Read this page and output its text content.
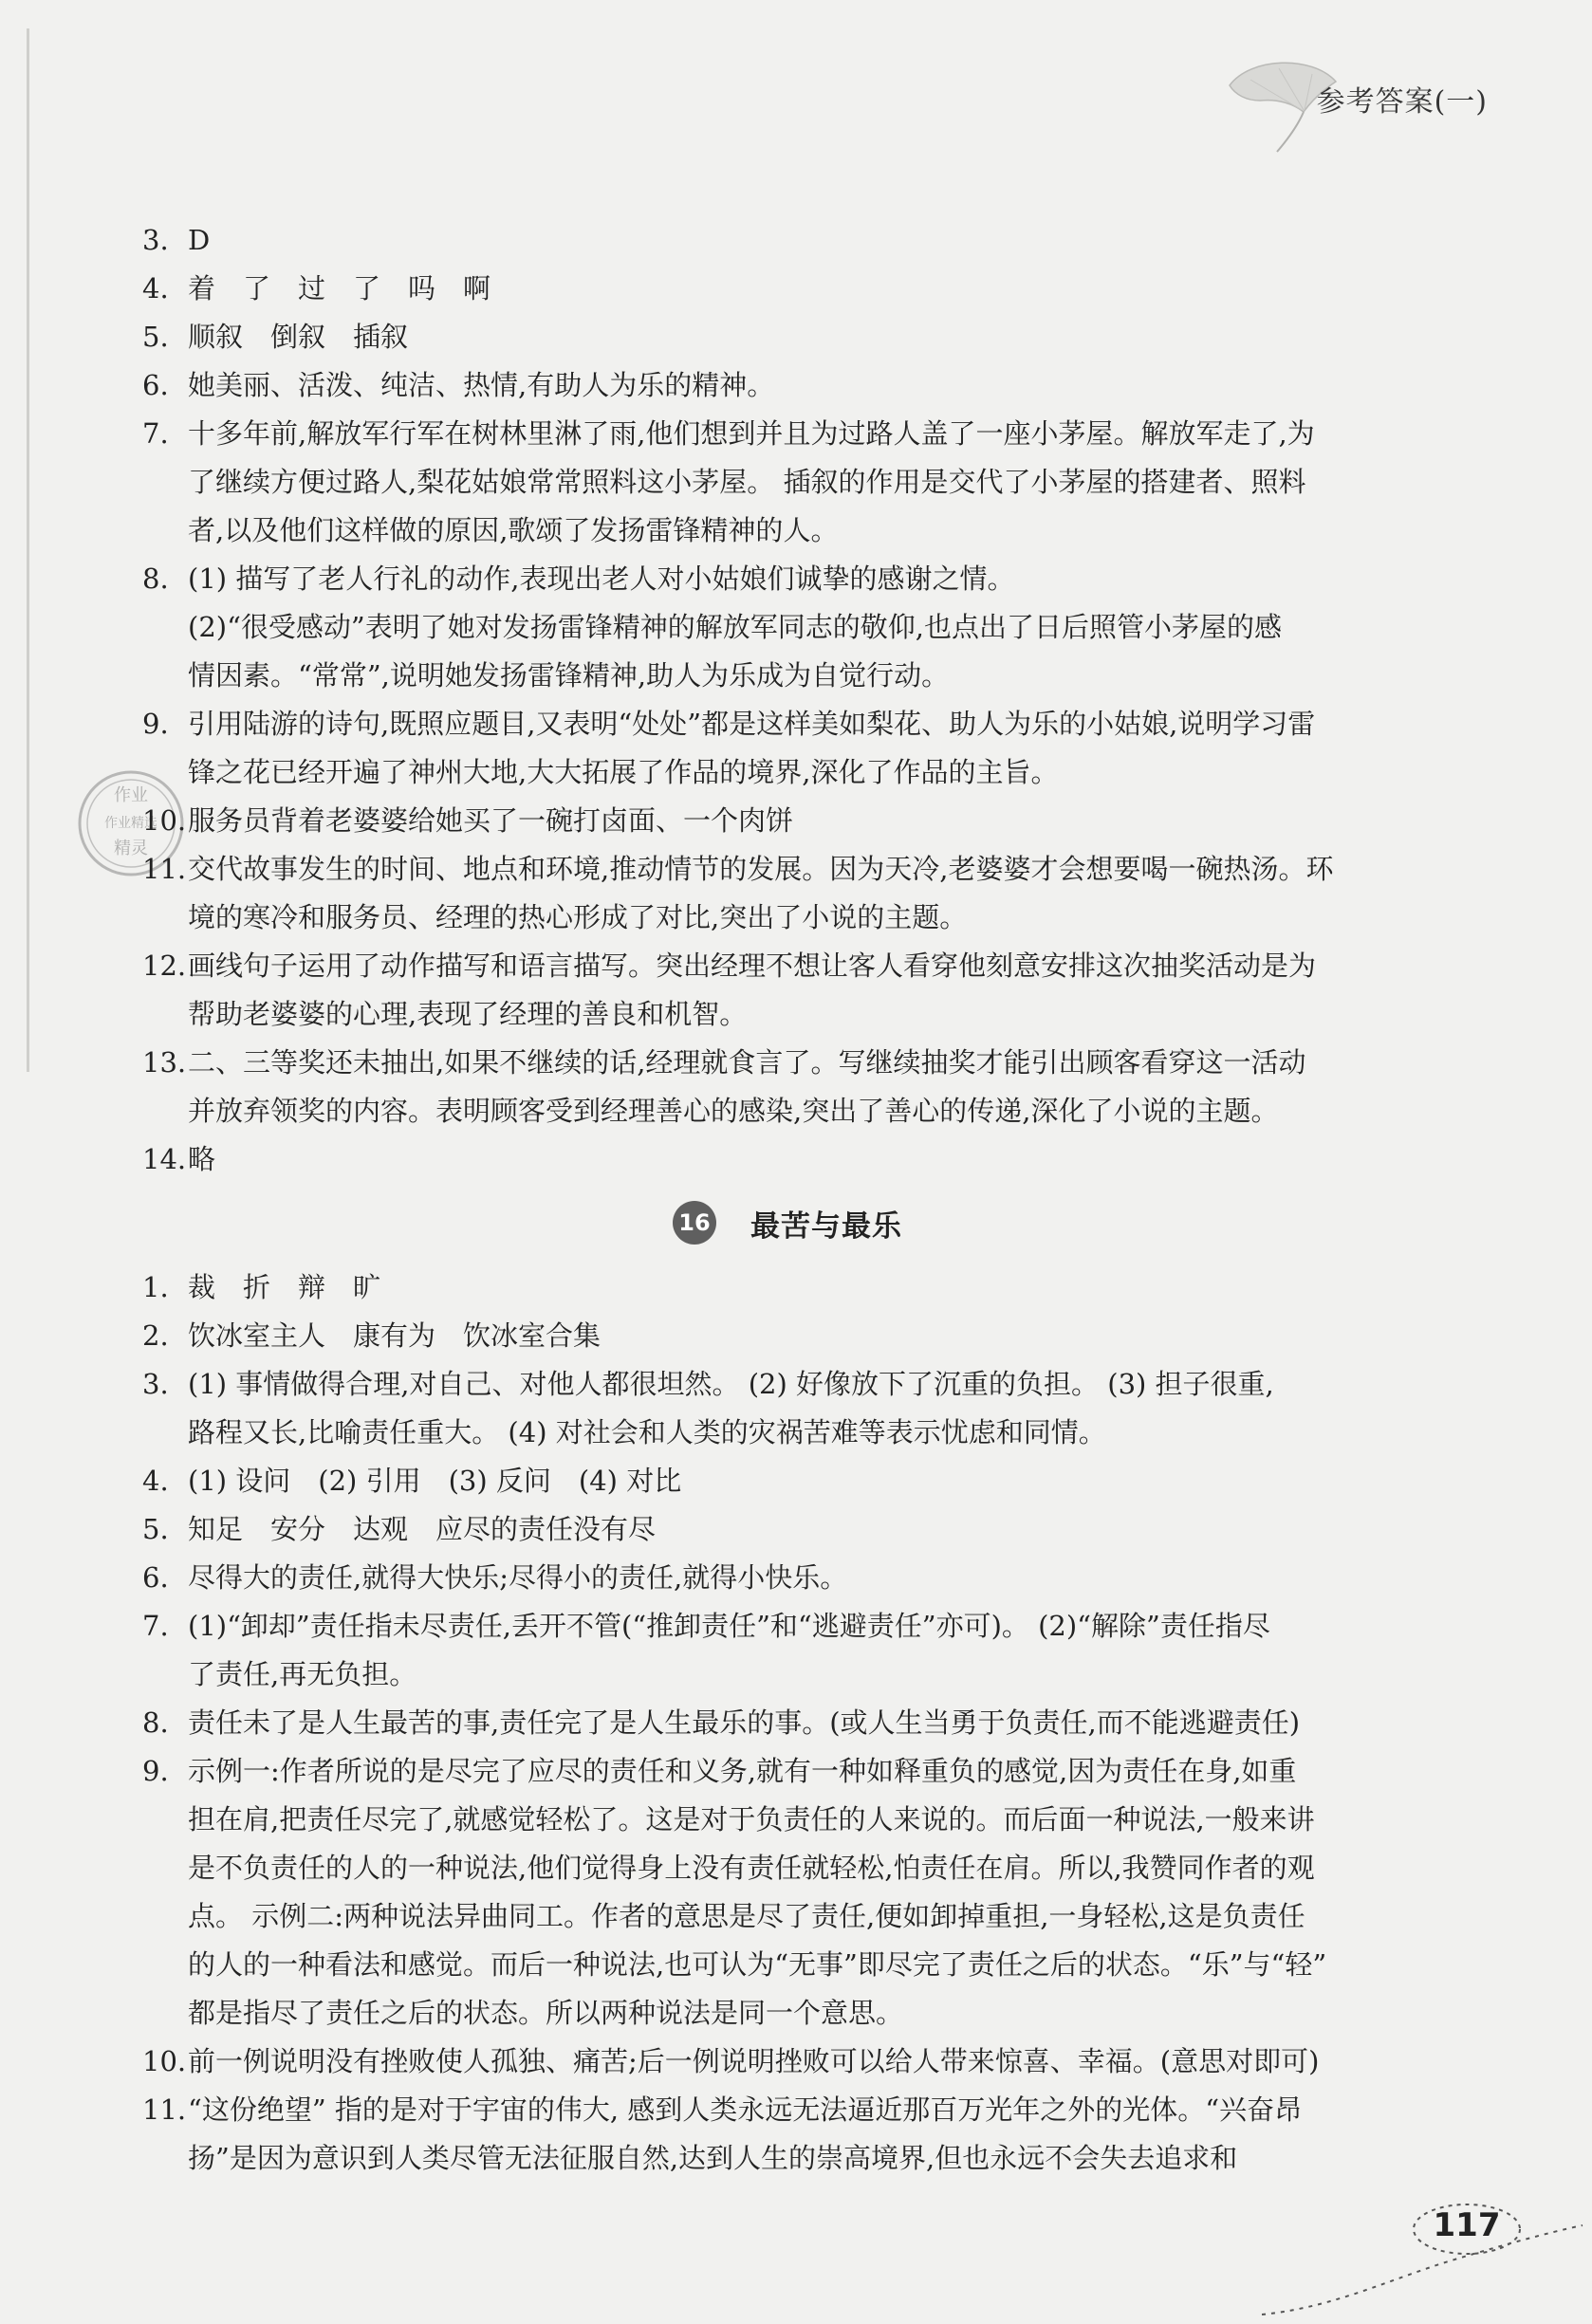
参考答案(一)
作业
作业精选
精灵
3. D
4. 着　了　过　了　吗　啊
5. 顺叙　倒叙　插叙
6. 她美丽、活泼、纯洁、热情,有助人为乐的精神。
7. 十多年前,解放军行军在树林里淋了雨,他们想到并且为过路人盖了一座小茅屋。解放军走了,为
了继续方便过路人,梨花姑娘常常照料这小茅屋。 插叙的作用是交代了小茅屋的搭建者、照料
者,以及他们这样做的原因,歌颂了发扬雷锋精神的人。
8. (1) 描写了老人行礼的动作,表现出老人对小姑娘们诚挚的感谢之情。
(2)“很受感动”表明了她对发扬雷锋精神的解放军同志的敬仰,也点出了日后照管小茅屋的感
情因素。“常常”,说明她发扬雷锋精神,助人为乐成为自觉行动。
9. 引用陆游的诗句,既照应题目,又表明“处处”都是这样美如梨花、助人为乐的小姑娘,说明学习雷
锋之花已经开遍了神州大地,大大拓展了作品的境界,深化了作品的主旨。
10. 服务员背着老婆婆给她买了一碗打卤面、一个肉饼
11. 交代故事发生的时间、地点和环境,推动情节的发展。因为天冷,老婆婆才会想要喝一碗热汤。环
境的寒冷和服务员、经理的热心形成了对比,突出了小说的主题。
12. 画线句子运用了动作描写和语言描写。突出经理不想让客人看穿他刻意安排这次抽奖活动是为
帮助老婆婆的心理,表现了经理的善良和机智。
13. 二、三等奖还未抽出,如果不继续的话,经理就食言了。写继续抽奖才能引出顾客看穿这一活动
并放弃领奖的内容。表明顾客受到经理善心的感染,突出了善心的传递,深化了小说的主题。
14. 略
16 最苦与最乐
1. 裁　折　辩　旷
2. 饮冰室主人　康有为　饮冰室合集
3. (1) 事情做得合理,对自己、对他人都很坦然。 (2) 好像放下了沉重的负担。 (3) 担子很重,
路程又长,比喻责任重大。 (4) 对社会和人类的灾祸苦难等表示忧虑和同情。
4. (1) 设问　(2) 引用　(3) 反问　(4) 对比
5. 知足　安分　达观　应尽的责任没有尽
6. 尽得大的责任,就得大快乐;尽得小的责任,就得小快乐。
7. (1)“卸却”责任指未尽责任,丢开不管(“推卸责任”和“逃避责任”亦可)。 (2)“解除”责任指尽
了责任,再无负担。
8. 责任未了是人生最苦的事,责任完了是人生最乐的事。(或人生当勇于负责任,而不能逃避责任)
9. 示例一:作者所说的是尽完了应尽的责任和义务,就有一种如释重负的感觉,因为责任在身,如重
担在肩,把责任尽完了,就感觉轻松了。这是对于负责任的人来说的。而后面一种说法,一般来讲
是不负责任的人的一种说法,他们觉得身上没有责任就轻松,怕责任在肩。所以,我赞同作者的观
点。 示例二:两种说法异曲同工。作者的意思是尽了责任,便如卸掉重担,一身轻松,这是负责任
的人的一种看法和感觉。而后一种说法,也可认为“无事”即尽完了责任之后的状态。“乐”与“轻”
都是指尽了责任之后的状态。所以两种说法是同一个意思。
10. 前一例说明没有挫败使人孤独、痛苦;后一例说明挫败可以给人带来惊喜、幸福。(意思对即可)
11. “这份绝望” 指的是对于宇宙的伟大, 感到人类永远无法逼近那百万光年之外的光体。“兴奋昂
扬”是因为意识到人类尽管无法征服自然,达到人生的崇高境界,但也永远不会失去追求和
117
